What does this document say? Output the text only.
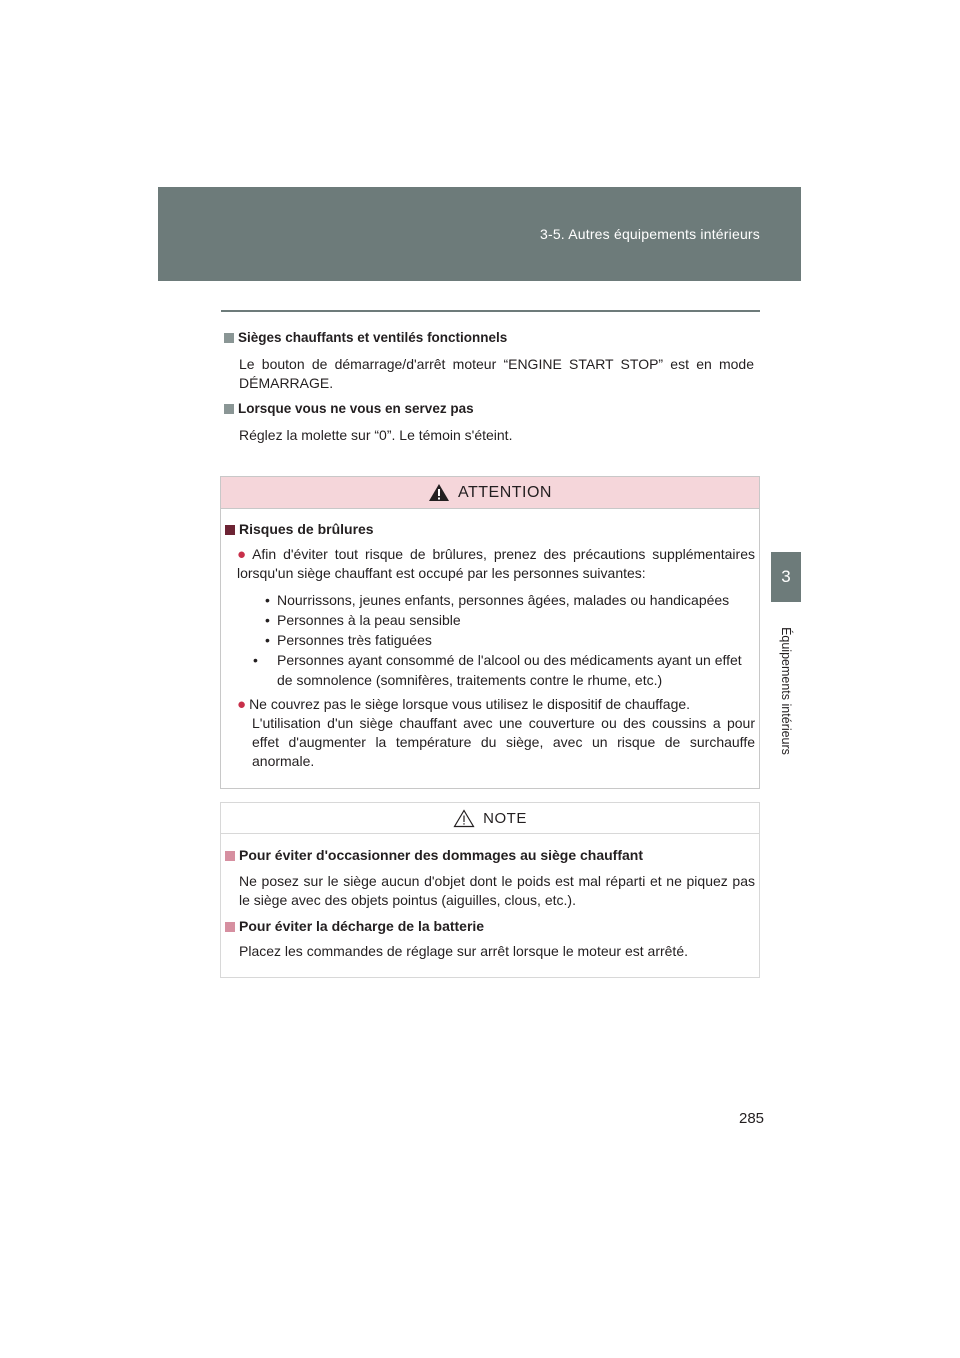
3-5. Autres équipements intérieurs
3
Équipements intérieurs
Sièges chauffants et ventilés fonctionnels
Le bouton de démarrage/d'arrêt moteur “ENGINE START STOP” est en mode DÉMARRAGE.
Lorsque vous ne vous en servez pas
Réglez la molette sur “0”. Le témoin s'éteint.
ATTENTION
Risques de brûlures
● Afin d'éviter tout risque de brûlures, prenez des précautions supplémentaires lorsqu'un siège chauffant est occupé par les personnes suivantes:
• Nourrissons, jeunes enfants, personnes âgées, malades ou handicapées
• Personnes à la peau sensible
• Personnes très fatiguées
• Personnes ayant consommé de l'alcool ou des médicaments ayant un effet de somnolence (somnifères, traitements contre le rhume, etc.)
● Ne couvrez pas le siège lorsque vous utilisez le dispositif de chauffage.
L'utilisation d'un siège chauffant avec une couverture ou des coussins a pour effet d'augmenter la température du siège, avec un risque de surchauffe anormale.
NOTE
Pour éviter d'occasionner des dommages au siège chauffant
Ne posez sur le siège aucun d'objet dont le poids est mal réparti et ne piquez pas le siège avec des objets pointus (aiguilles, clous, etc.).
Pour éviter la décharge de la batterie
Placez les commandes de réglage sur arrêt lorsque le moteur est arrêté.
285
